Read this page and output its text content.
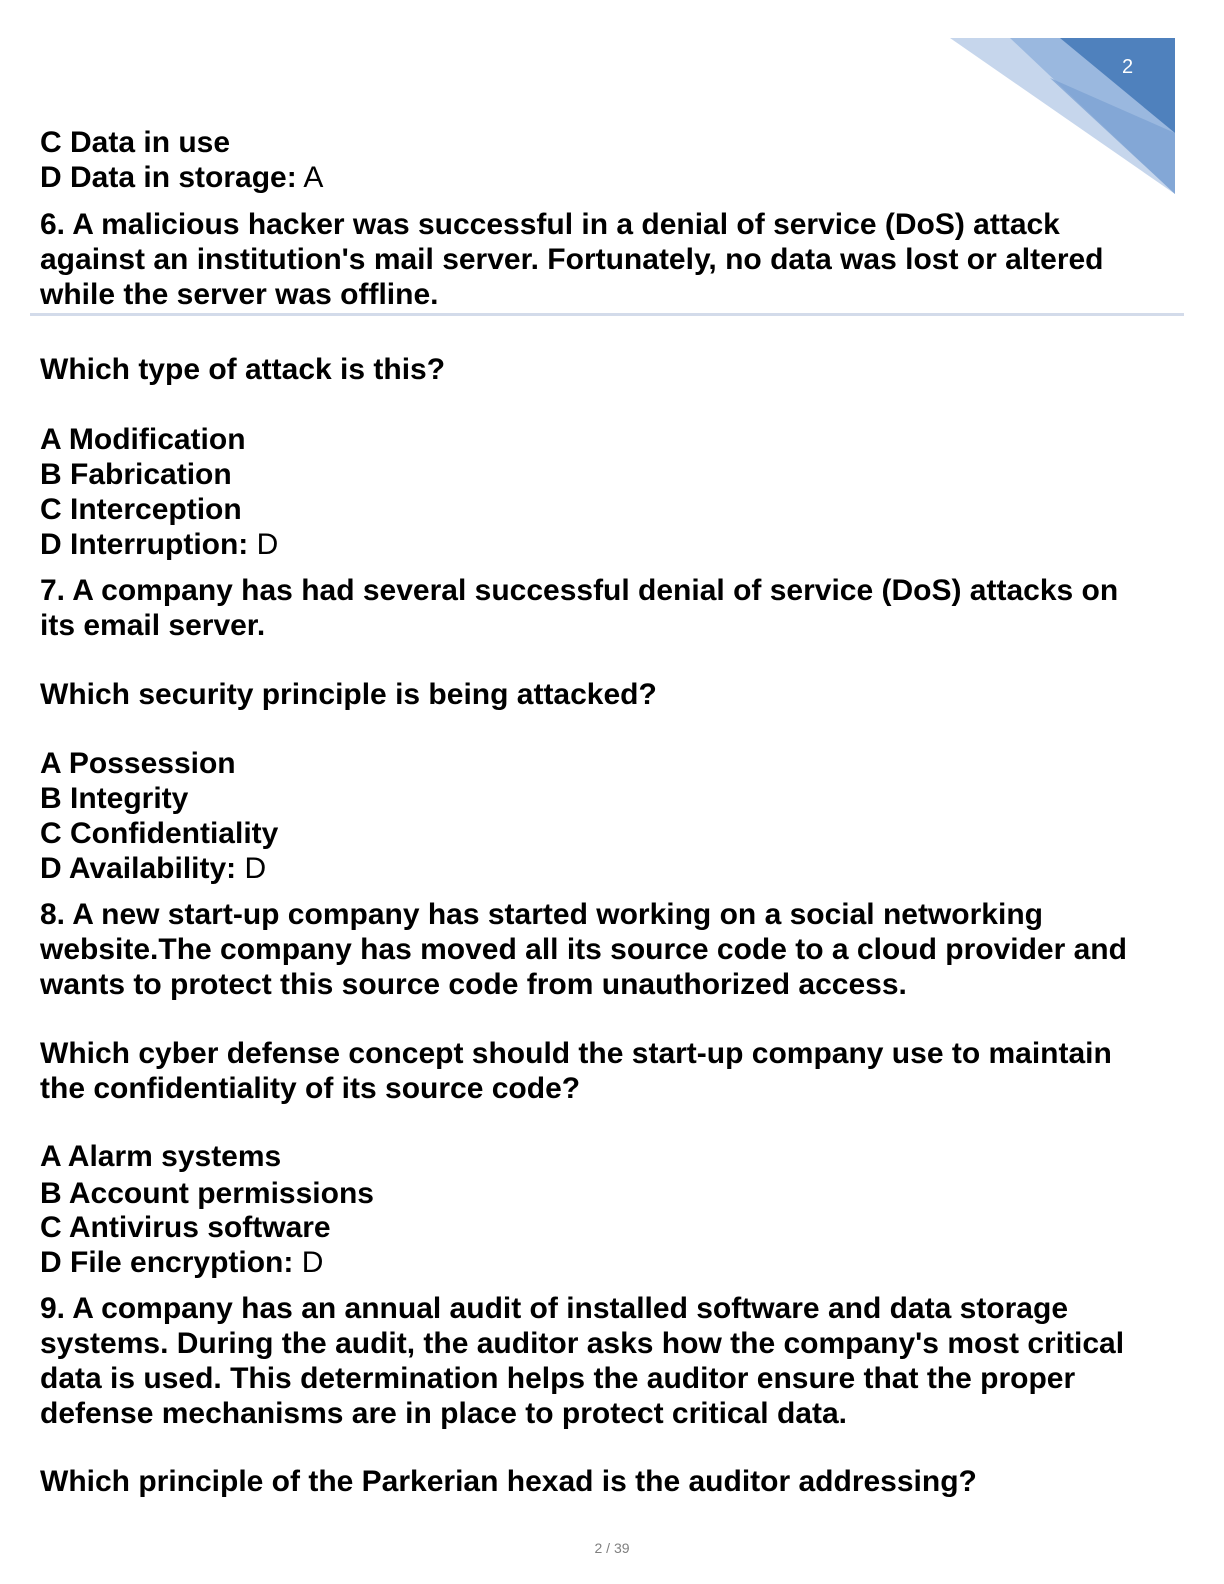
2
C Data in use
D Data in storage: A
6. A malicious hacker was successful in a denial of service (DoS) attack
against an institution's mail server. Fortunately, no data was lost or altered
while the server was offline.
Which type of attack is this?
A Modification
B Fabrication
C Interception
D Interruption: D
7. A company has had several successful denial of service (DoS) attacks on
its email server.
Which security principle is being attacked?
A Possession
B Integrity
C Confidentiality
D Availability: D
8. A new start-up company has started working on a social networking
website.The company has moved all its source code to a cloud provider and
wants to protect this source code from unauthorized access.
Which cyber defense concept should the start-up company use to maintain
the confidentiality of its source code?
A Alarm systems
B Account permissions
C Antivirus software
D File encryption: D
9. A company has an annual audit of installed software and data storage
systems. During the audit, the auditor asks how the company's most critical
data is used. This determination helps the auditor ensure that the proper
defense mechanisms are in place to protect critical data.
Which principle of the Parkerian hexad is the auditor addressing?
2 / 39
